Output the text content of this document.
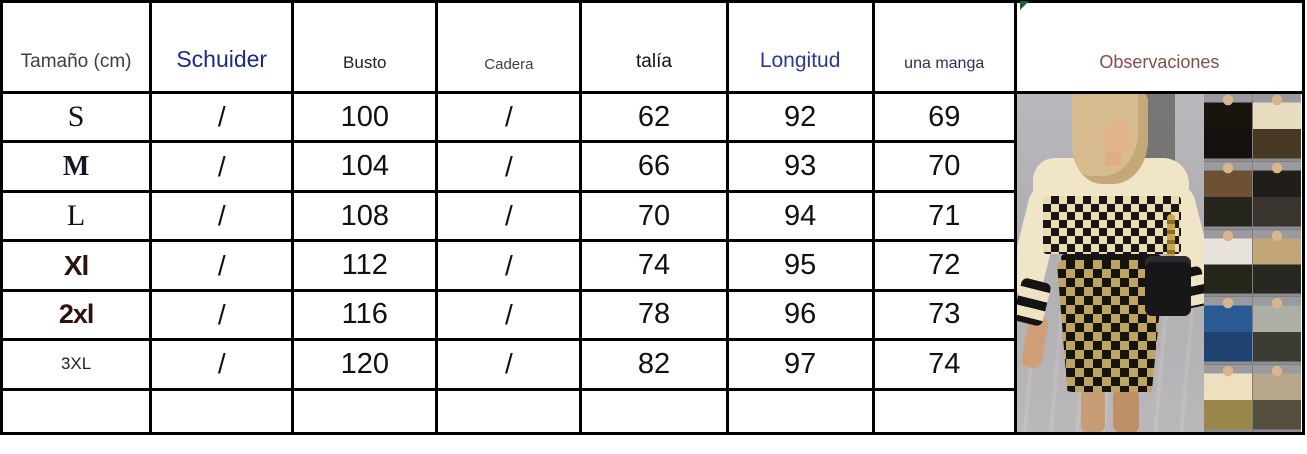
Tamaño (cm)	Schuider	Busto	Cadera	talía	Longitud	una manga	Observaciones
S	/	100	/	62	92	69	

M	/	104	/	66	93	70	
L	/	108	/	70	94	71	
Xl	/	112	/	74	95	72	
2xl	/	116	/	78	96	73	
3XL	/	120	/	82	97	74	
